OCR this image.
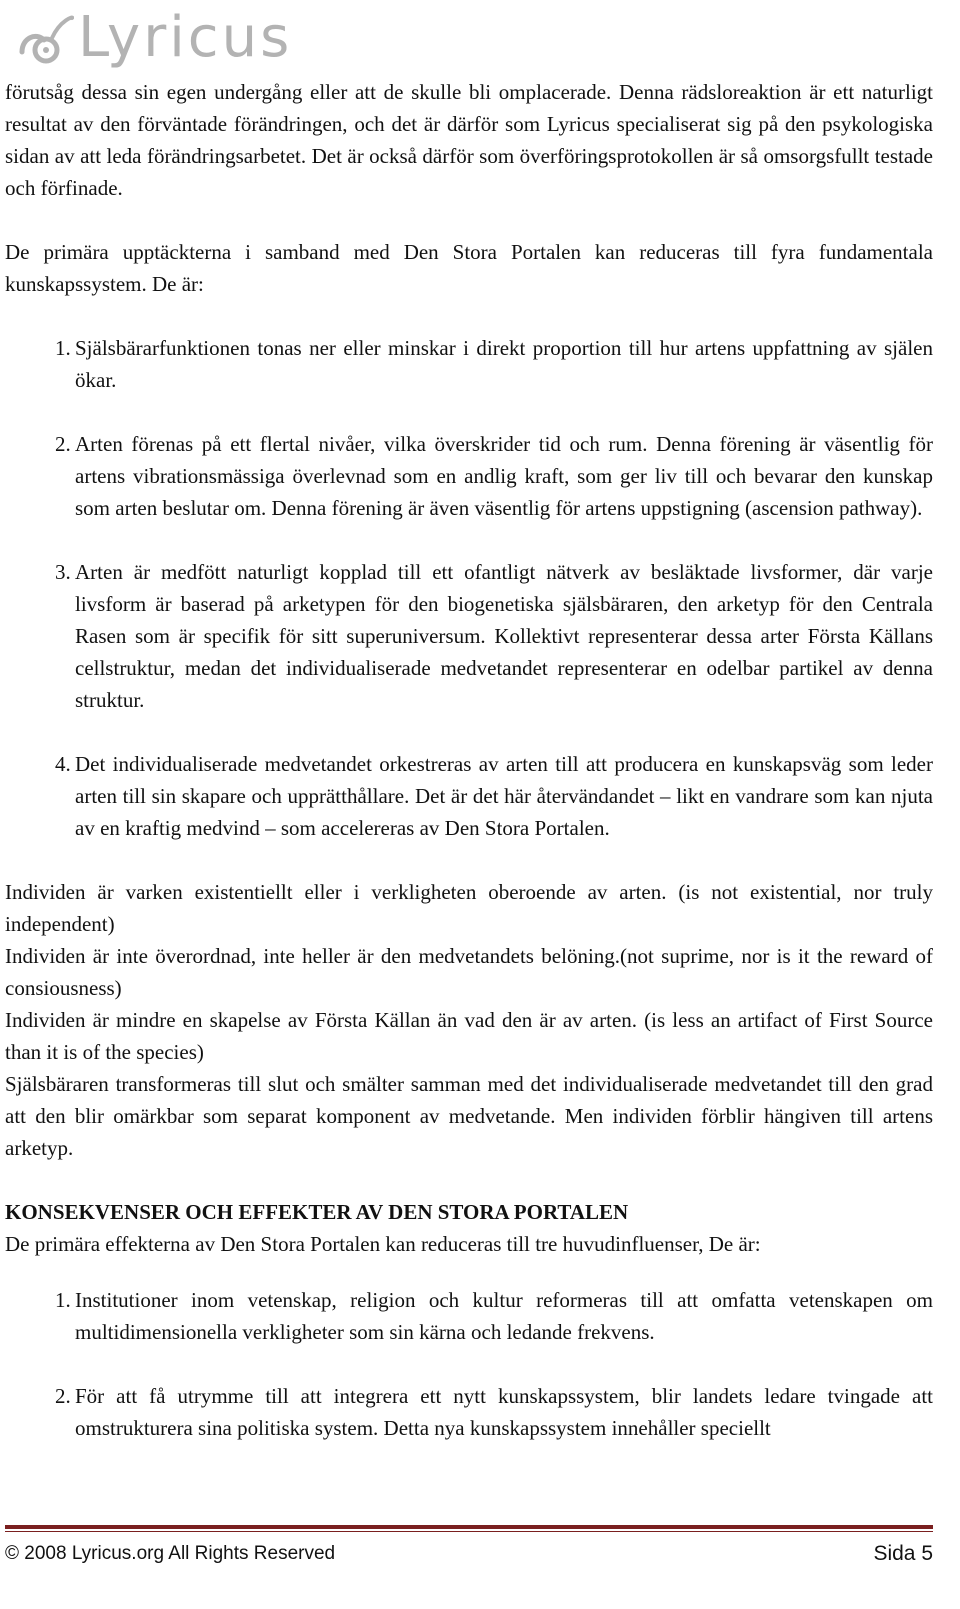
Lyricus

förutsåg dessa sin egen undergång eller att de skulle bli omplacerade. Denna rädsloreaktion är ett naturligt resultat av den förväntade förändringen, och det är därför som Lyricus specialiserat sig på den psykologiska sidan av att leda förändringsarbetet. Det är också därför som överföringsprotokollen är så omsorgsfullt testade och förfinade.

De primära upptäckterna i samband med Den Stora Portalen kan reduceras till fyra fundamentala kunskapssystem. De är:

1. Själsbärarfunktionen tonas ner eller minskar i direkt proportion till hur artens uppfattning av själen ökar.
2. Arten förenas på ett flertal nivåer, vilka överskrider tid och rum. Denna förening är väsentlig för artens vibrationsmässiga överlevnad som en andlig kraft, som ger liv till och bevarar den kunskap som arten beslutar om. Denna förening är även väsentlig för artens uppstigning (ascension pathway).
3. Arten är medfött naturligt kopplad till ett ofantligt nätverk av besläktade livsformer, där varje livsform är baserad på arketypen för den biogenetiska själsbäraren, den arketyp för den Centrala Rasen som är specifik för sitt superuniversum. Kollektivt representerar dessa arter Första Källans cellstruktur, medan det individualiserade medvetandet representerar en odelbar partikel av denna struktur.
4. Det individualiserade medvetandet orkestreras av arten till att producera en kunskapsväg som leder arten till sin skapare och upprätthållare. Det är det här återvändandet – likt en vandrare som kan njuta av en kraftig medvind – som accelereras av Den Stora Portalen.

Individen är varken existentiellt eller i verkligheten oberoende av arten. (is not existential, nor truly independent)

Individen är inte överordnad, inte heller är den medvetandets belöning.(not suprime, nor is it the reward of consiousness)

Individen är mindre en skapelse av Första Källan än vad den är av arten. (is less an artifact of First Source than it is of the species)

Själsbäraren transformeras till slut och smälter samman med det individualiserade medvetandet till den grad att den blir omärkbar som separat komponent av medvetande. Men individen förblir hängiven till artens arketyp.

KONSEKVENSER OCH EFFEKTER AV DEN STORA PORTALEN

De primära effekterna av Den Stora Portalen kan reduceras till tre huvudinfluenser, De är:

1. Institutioner inom vetenskap, religion och kultur reformeras till att omfatta vetenskapen om multidimensionella verkligheter som sin kärna och ledande frekvens.
2. För att få utrymme till att integrera ett nytt kunskapssystem, blir landets ledare tvingade att omstrukturera sina politiska system. Detta nya kunskapssystem innehåller speciellt
© 2008 Lyricus.org All Rights Reserved	Sida 5
